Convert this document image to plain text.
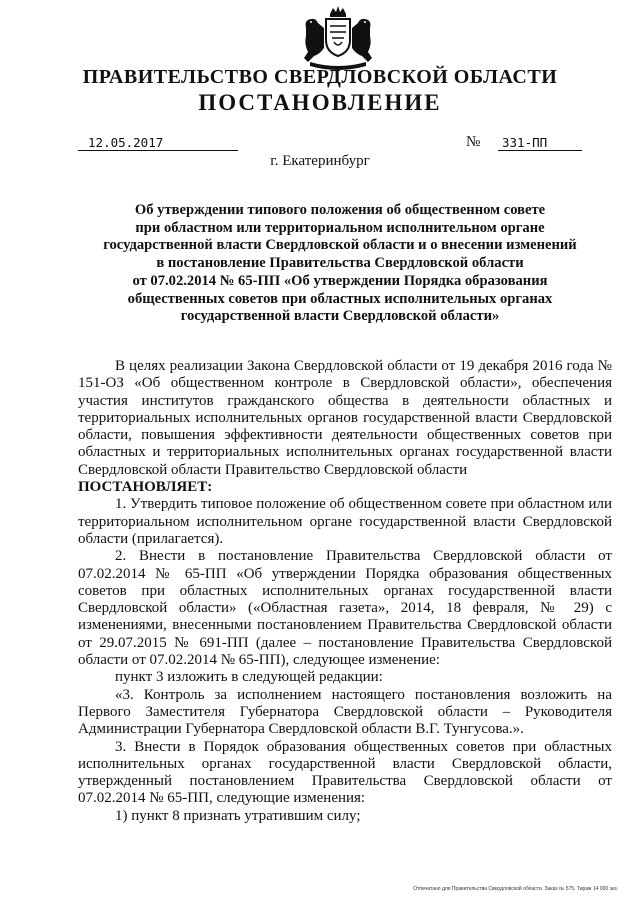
ПРАВИТЕЛЬСТВО СВЕРДЛОВСКОЙ ОБЛАСТИ
ПОСТАНОВЛЕНИЕ
12.05.2017	№	331-ПП
г. Екатеринбург
Об утверждении типового положения об общественном совете
при областном или территориальном исполнительном органе
государственной власти Свердловской области и о внесении изменений
в постановление Правительства Свердловской области
от 07.02.2014 № 65-ПП «Об утверждении Порядка образования
общественных советов при областных исполнительных органах
государственной власти Свердловской области»

В целях реализации Закона Свердловской области от 19 декабря 2016 года № 151-ОЗ «Об общественном контроле в Свердловской области», обеспечения участия институтов гражданского общества в деятельности областных и территориальных исполнительных органов государственной власти Свердловской области, повышения эффективности деятельности общественных советов при областных и территориальных исполнительных органах государственной власти Свердловской области Правительство Свердловской области

ПОСТАНОВЛЯЕТ:

1. Утвердить типовое положение об общественном совете при областном или территориальном исполнительном органе государственной власти Свердловской области (прилагается).

2. Внести в постановление Правительства Свердловской области от 07.02.2014 № 65-ПП «Об утверждении Порядка образования общественных советов при областных исполнительных органах государственной власти Свердловской области» («Областная газета», 2014, 18 февраля, № 29) с изменениями, внесенными постановлением Правительства Свердловской области от 29.07.2015 № 691-ПП (далее – постановление Правительства Свердловской области от 07.02.2014 № 65-ПП), следующее изменение:

пункт 3 изложить в следующей редакции:

«3. Контроль за исполнением настоящего постановления возложить на Первого Заместителя Губернатора Свердловской области – Руководителя Администрации Губернатора Свердловской области В.Г. Тунгусова.».

3. Внести в Порядок образования общественных советов при областных исполнительных органах государственной власти Свердловской области, утвержденный постановлением Правительства Свердловской области от 07.02.2014 № 65-ПП, следующие изменения:

1) пункт 8 признать утратившим силу;

Отпечатано для Правительства Свердловской области. Заказ № 575. Тираж 14 000 экз.
